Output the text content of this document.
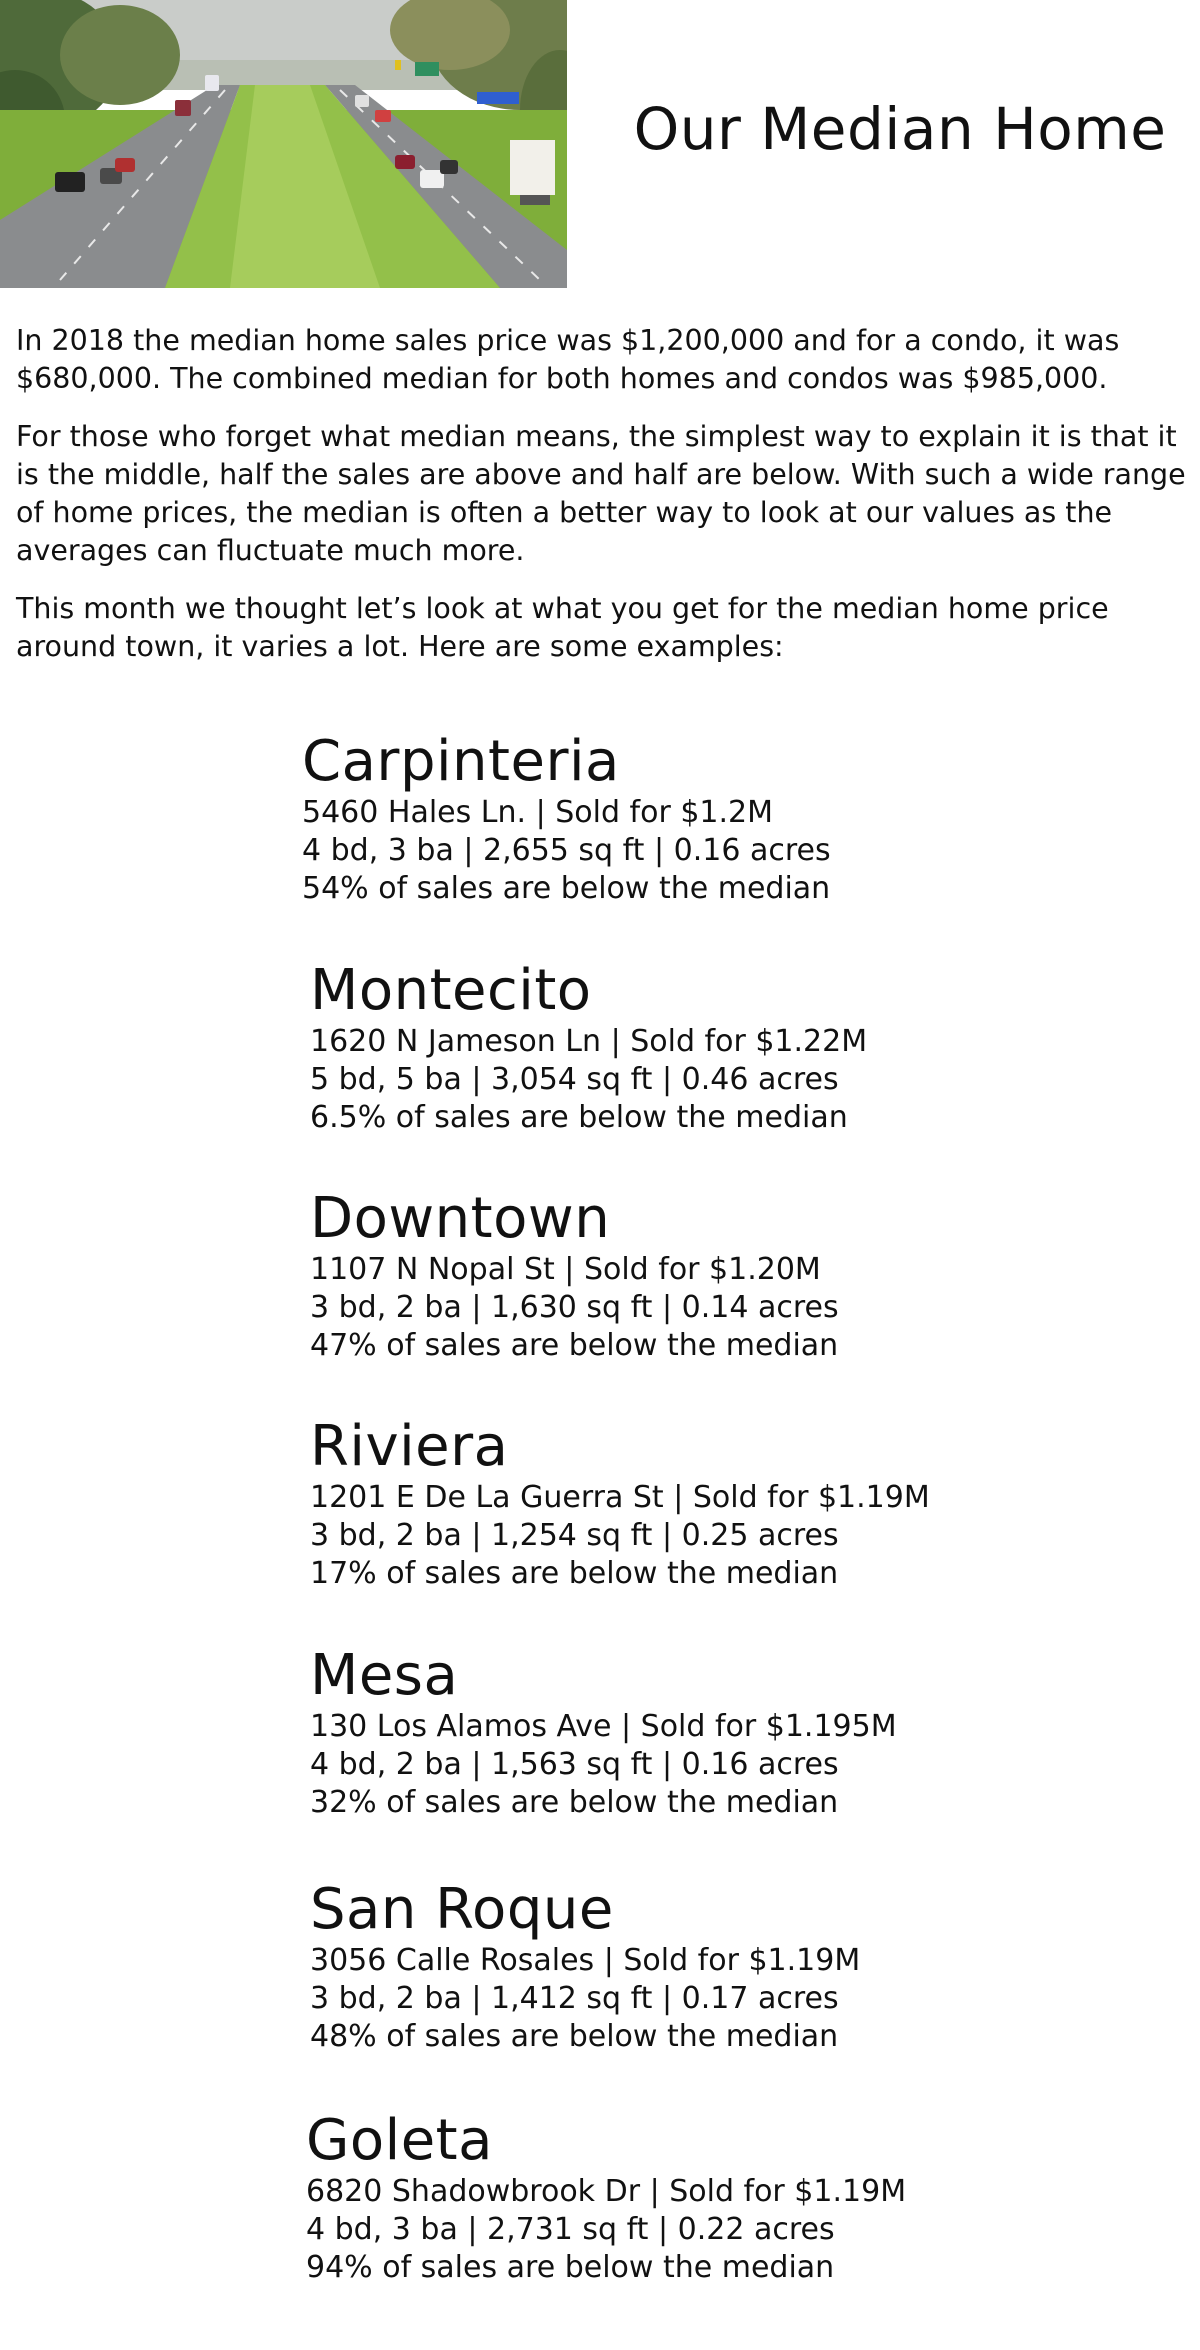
Our Median Home

In 2018 the median home sales price was $1,200,000 and for a condo, it was $680,000. The combined median for both homes and condos was $985,000.

For those who forget what median means, the simplest way to explain it is that it is the middle, half the sales are above and half are below. With such a wide range of home prices, the median is often a better way to look at our values as the averages can fluctuate much more.

This month we thought let’s look at what you get for the median home price around town, it varies a lot. Here are some examples:

Carpinteria

5460 Hales Ln. | Sold for $1.2M

4 bd, 3 ba | 2,655 sq ft | 0.16 acres

54% of sales are below the median

Montecito

1620 N Jameson Ln | Sold for $1.22M

5 bd, 5 ba | 3,054 sq ft | 0.46 acres

6.5% of sales are below the median

Downtown

1107 N Nopal St | Sold for $1.20M

3 bd, 2 ba | 1,630 sq ft | 0.14 acres

47% of sales are below the median

Riviera

1201 E De La Guerra St | Sold for $1.19M

3 bd, 2 ba | 1,254 sq ft | 0.25 acres

17% of sales are below the median

Mesa

130 Los Alamos Ave | Sold for $1.195M

4 bd, 2 ba | 1,563 sq ft | 0.16 acres

32% of sales are below the median

San Roque

3056 Calle Rosales | Sold for $1.19M

3 bd, 2 ba | 1,412 sq ft | 0.17 acres

48% of sales are below the median

Goleta

6820 Shadowbrook Dr | Sold for $1.19M

4 bd, 3 ba | 2,731 sq ft | 0.22 acres

94% of sales are below the median
